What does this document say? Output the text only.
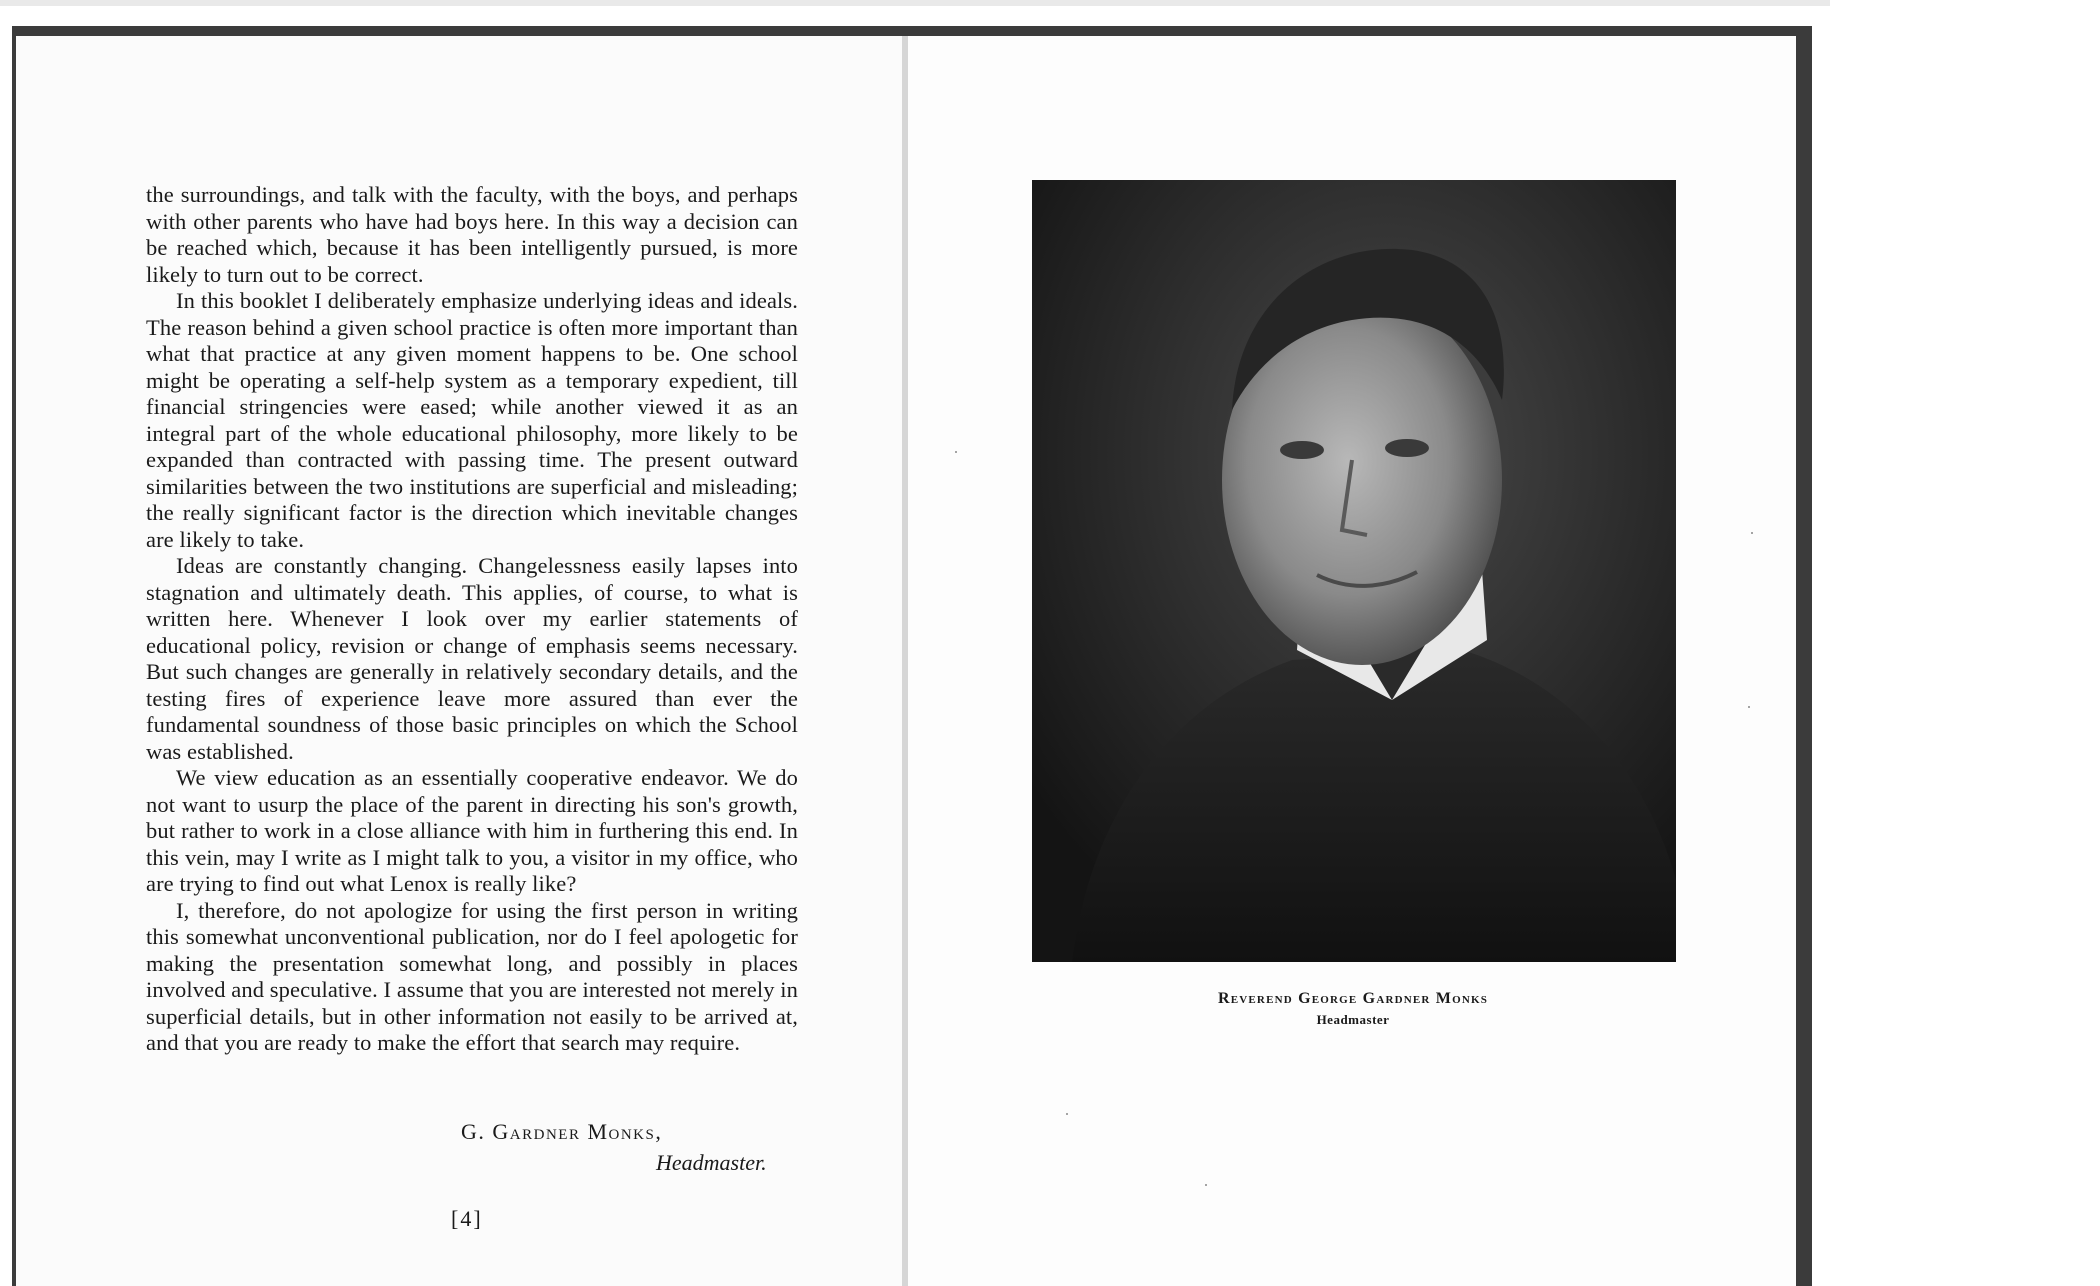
the surroundings, and talk with the faculty, with the boys, and perhaps with other parents who have had boys here. In this way a decision can be reached which, because it has been intelligently pursued, is more likely to turn out to be correct.

In this booklet I deliberately emphasize underlying ideas and ideals. The reason behind a given school practice is often more important than what that practice at any given moment happens to be. One school might be operating a self-help system as a temporary expedient, till financial stringencies were eased; while another viewed it as an integral part of the whole educational philosophy, more likely to be expanded than contracted with passing time. The present outward similarities between the two institutions are superficial and misleading; the really significant factor is the direction which inevitable changes are likely to take.

Ideas are constantly changing. Changelessness easily lapses into stagnation and ultimately death. This applies, of course, to what is written here. Whenever I look over my earlier statements of educational policy, revision or change of emphasis seems necessary. But such changes are generally in relatively secondary details, and the testing fires of experience leave more assured than ever the fundamental soundness of those basic principles on which the School was established.

We view education as an essentially cooperative endeavor. We do not want to usurp the place of the parent in directing his son's growth, but rather to work in a close alliance with him in furthering this end. In this vein, may I write as I might talk to you, a visitor in my office, who are trying to find out what Lenox is really like?

I, therefore, do not apologize for using the first person in writing this somewhat unconventional publication, nor do I feel apologetic for making the presentation somewhat long, and possibly in places involved and speculative. I assume that you are interested not merely in superficial details, but in other information not easily to be arrived at, and that you are ready to make the effort that search may require.

G. Gardner Monks,
Headmaster.
[4]
Reverend George Gardner Monks
Headmaster
